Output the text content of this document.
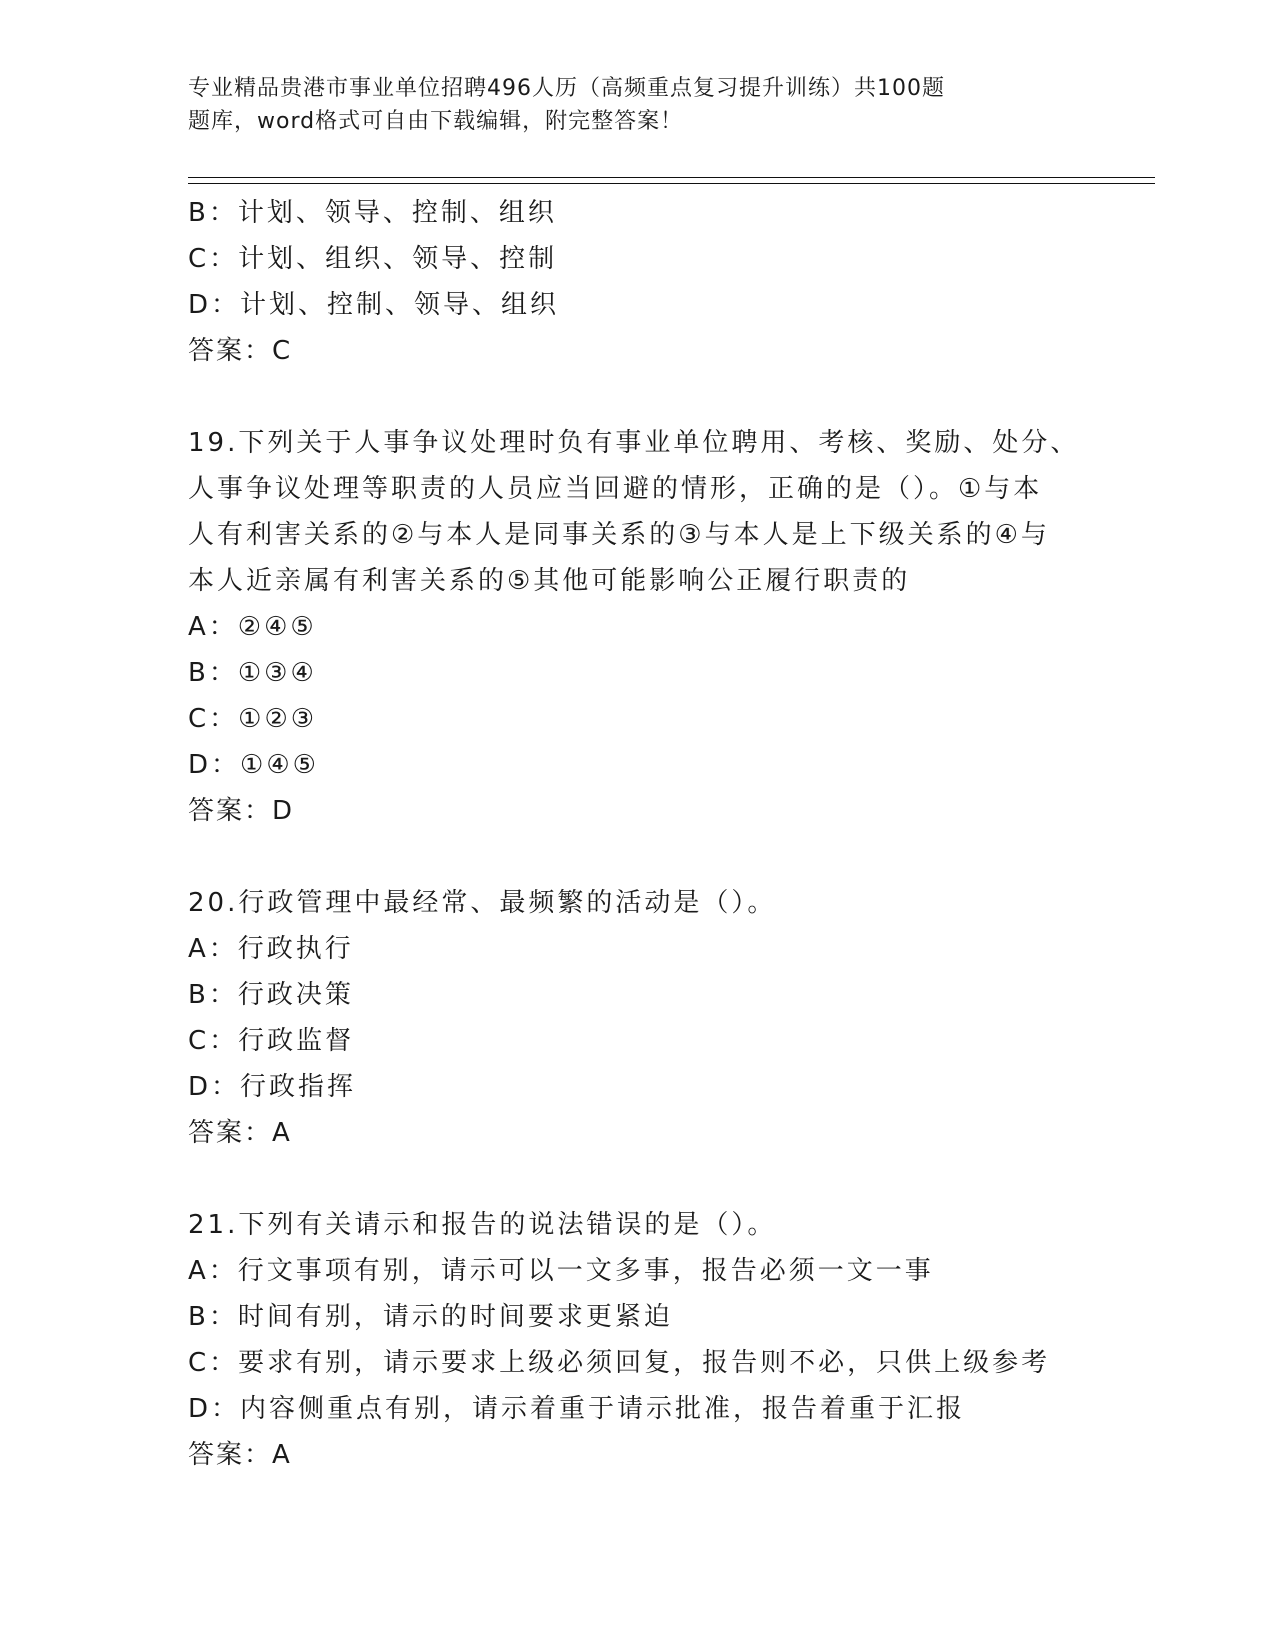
专业精品贵港市事业单位招聘496人历（高频重点复习提升训练）共100题
题库，word格式可自由下载编辑，附完整答案！
B：计划、领导、控制、组织
C：计划、组织、领导、控制
D：计划、控制、领导、组织
答案：C
19.下列关于人事争议处理时负有事业单位聘用、考核、奖励、处分、
人事争议处理等职责的人员应当回避的情形，正确的是（）。①与本
人有利害关系的②与本人是同事关系的③与本人是上下级关系的④与
本人近亲属有利害关系的⑤其他可能影响公正履行职责的
A：②④⑤
B：①③④
C：①②③
D：①④⑤
答案：D
20.行政管理中最经常、最频繁的活动是（）。
A：行政执行
B：行政决策
C：行政监督
D：行政指挥
答案：A
21.下列有关请示和报告的说法错误的是（）。
A：行文事项有别，请示可以一文多事，报告必须一文一事
B：时间有别，请示的时间要求更紧迫
C：要求有别，请示要求上级必须回复，报告则不必，只供上级参考
D：内容侧重点有别，请示着重于请示批准，报告着重于汇报
答案：A
